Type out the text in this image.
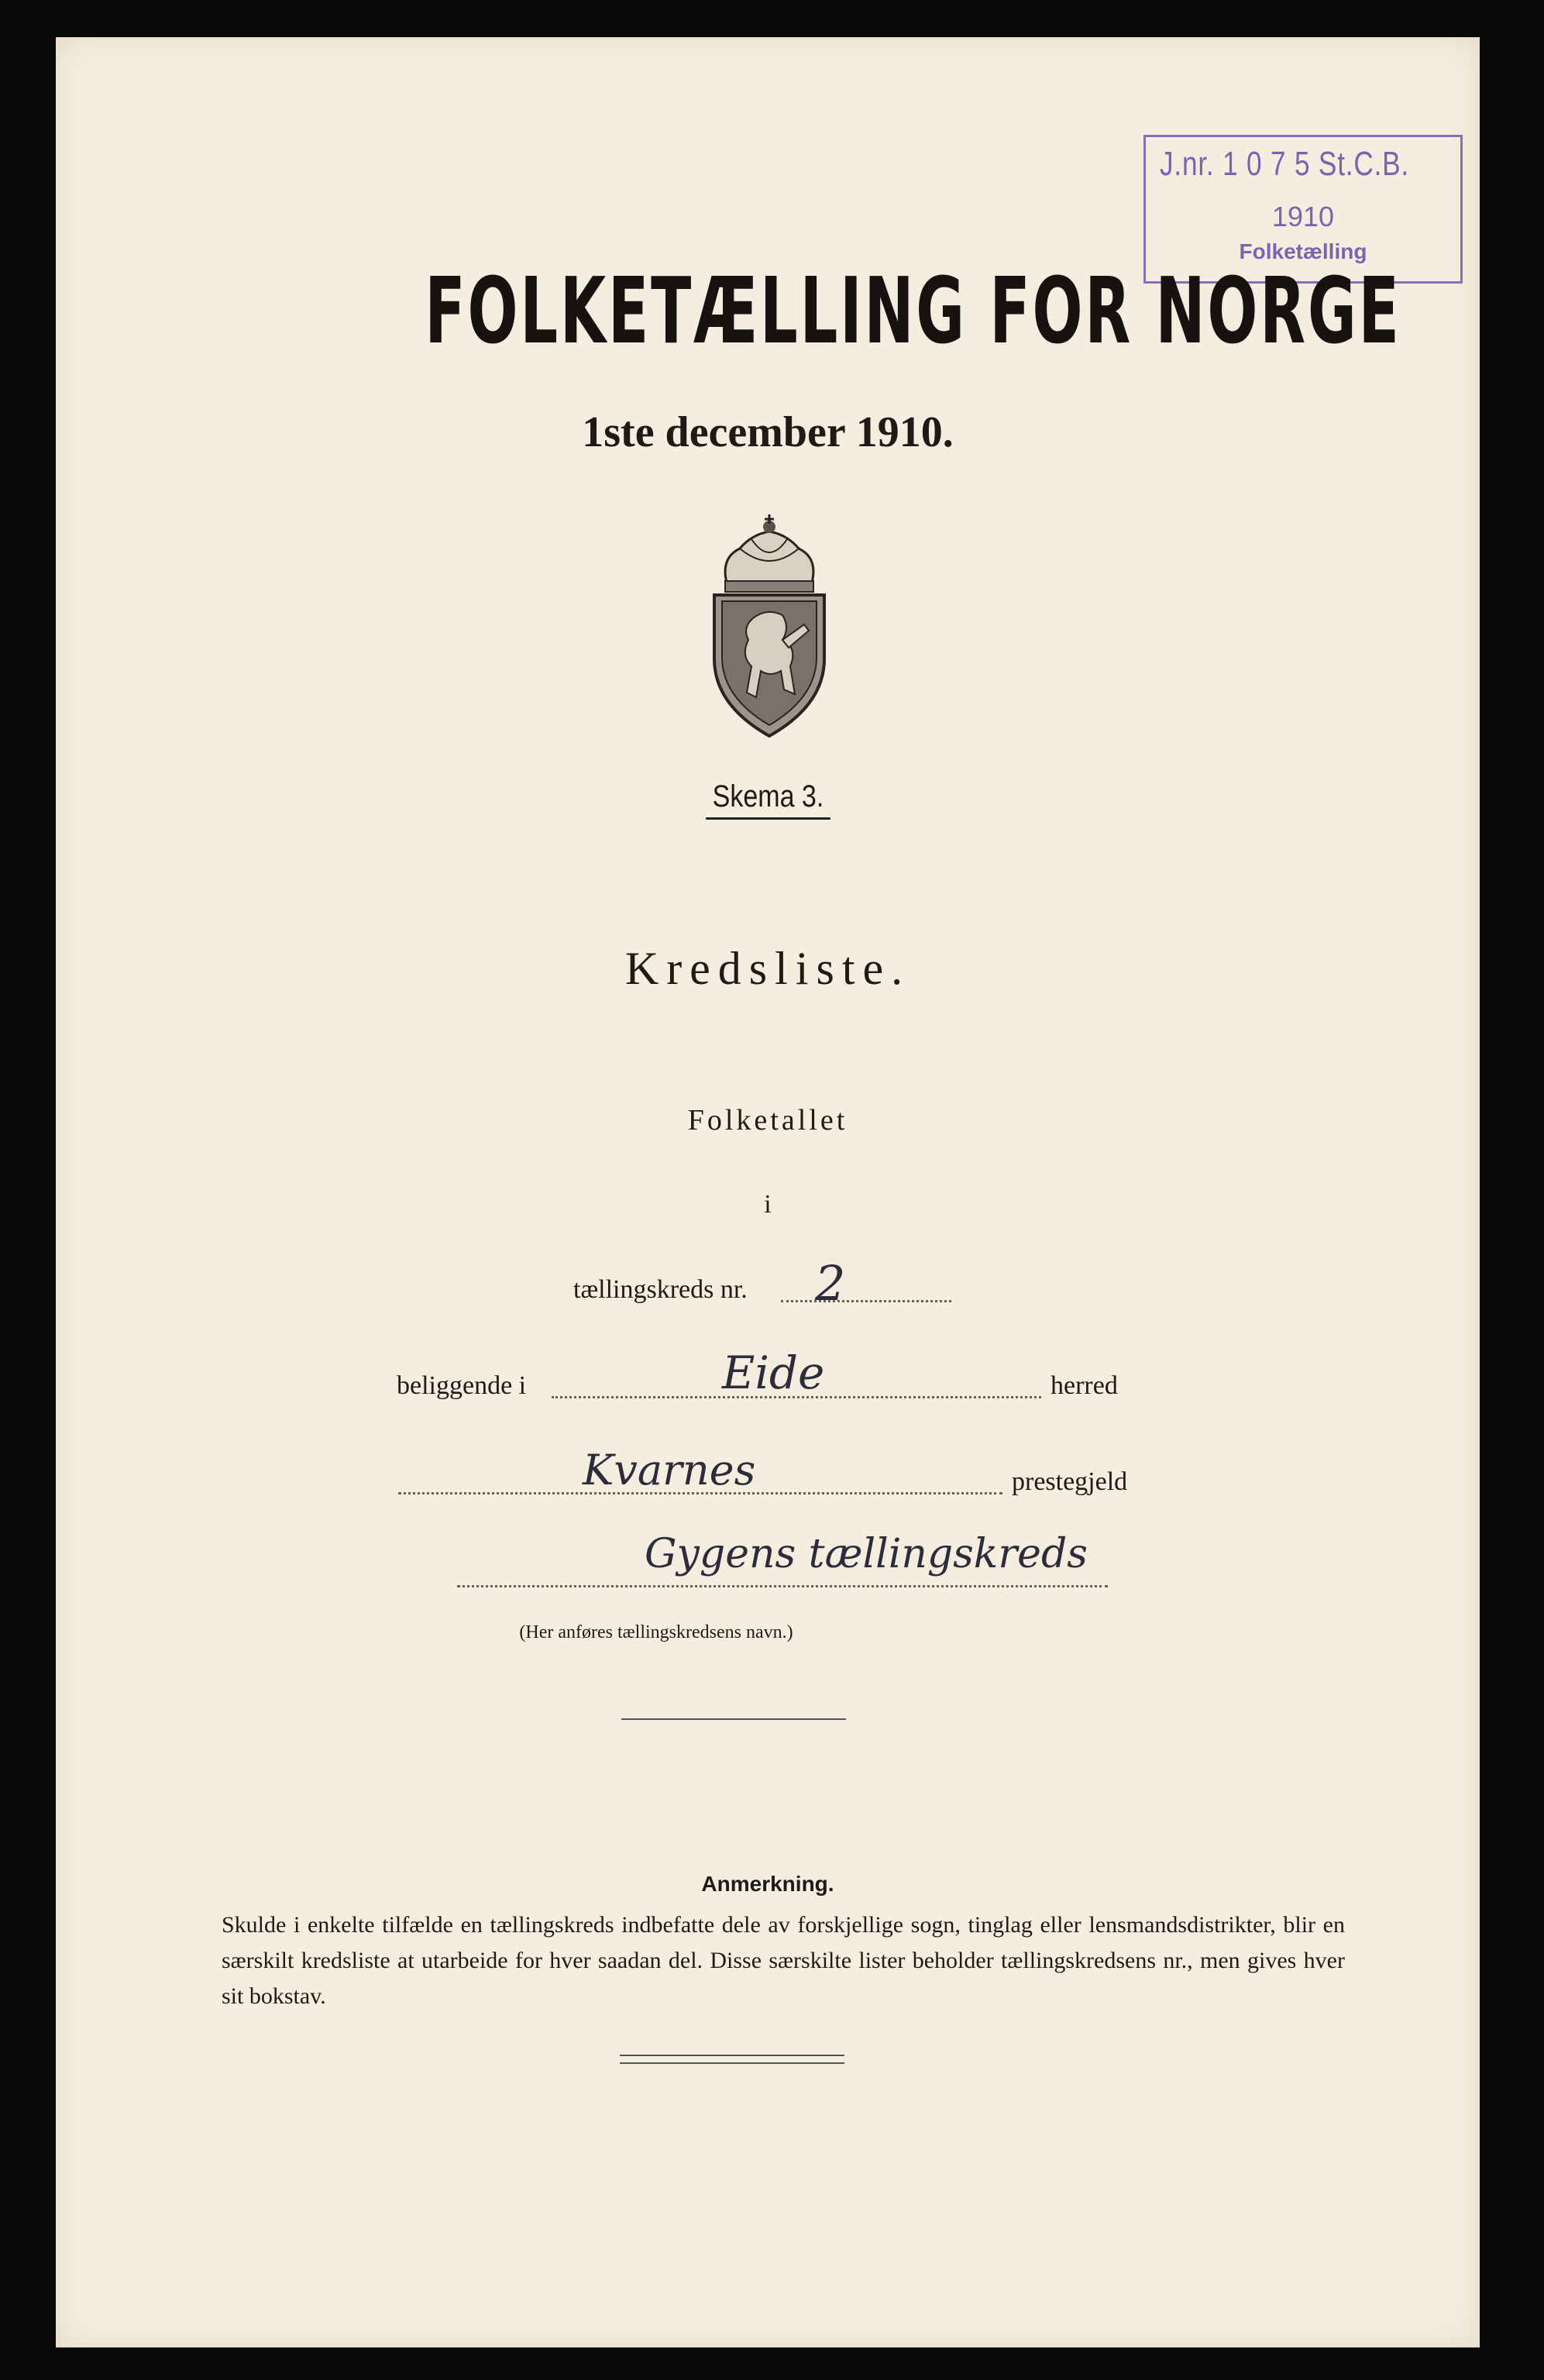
J.nr. 1 0 7 5 St.C.B.
1910
Folketælling
FOLKETÆLLING FOR NORGE
1ste december 1910.
Skema 3.
Kredsliste.
Folketallet
i
tællingskreds nr. 2
beliggende i	Eide	herred
Kvarnes	prestegjeld
Gygens tællingskreds
(Her anføres tællingskredsens navn.)
Anmerkning.
Skulde i enkelte tilfælde en tællingskreds indbefatte dele av forskjellige sogn, tinglag eller lensmandsdistrikter, blir en særskilt kredsliste at utarbeide for hver saadan del. Disse særskilte lister beholder tællingskredsens nr., men gives hver sit bokstav.
